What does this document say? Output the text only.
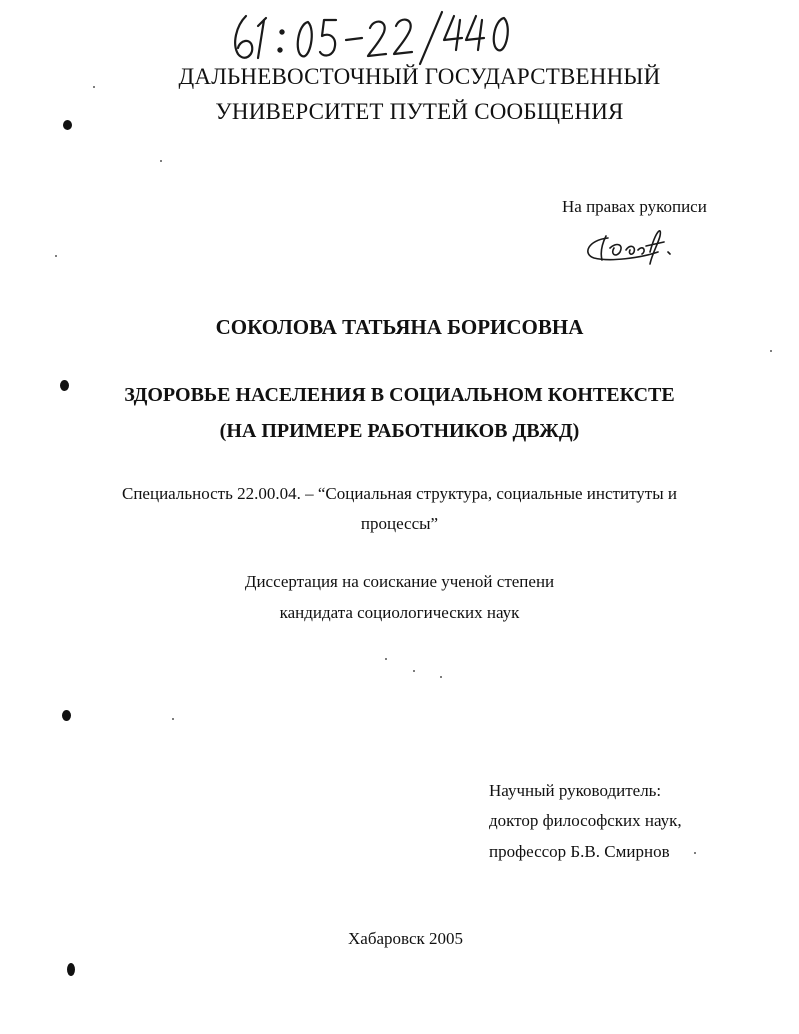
ДАЛЬНЕВОСТОЧНЫЙ ГОСУДАРСТВЕННЫЙ
УНИВЕРСИТЕТ ПУТЕЙ СООБЩЕНИЯ
На правах рукописи
СОКОЛОВА ТАТЬЯНА БОРИСОВНА
ЗДОРОВЬЕ НАСЕЛЕНИЯ В СОЦИАЛЬНОМ КОНТЕКСТЕ
(НА ПРИМЕРЕ РАБОТНИКОВ ДВЖД)
Специальность 22.00.04. – “Социальная структура, социальные институты и
процессы”
Диссертация на соискание ученой степени
кандидата социологических наук
Научный руководитель:
доктор философских наук,
профессор Б.В. Смирнов
Хабаровск 2005
